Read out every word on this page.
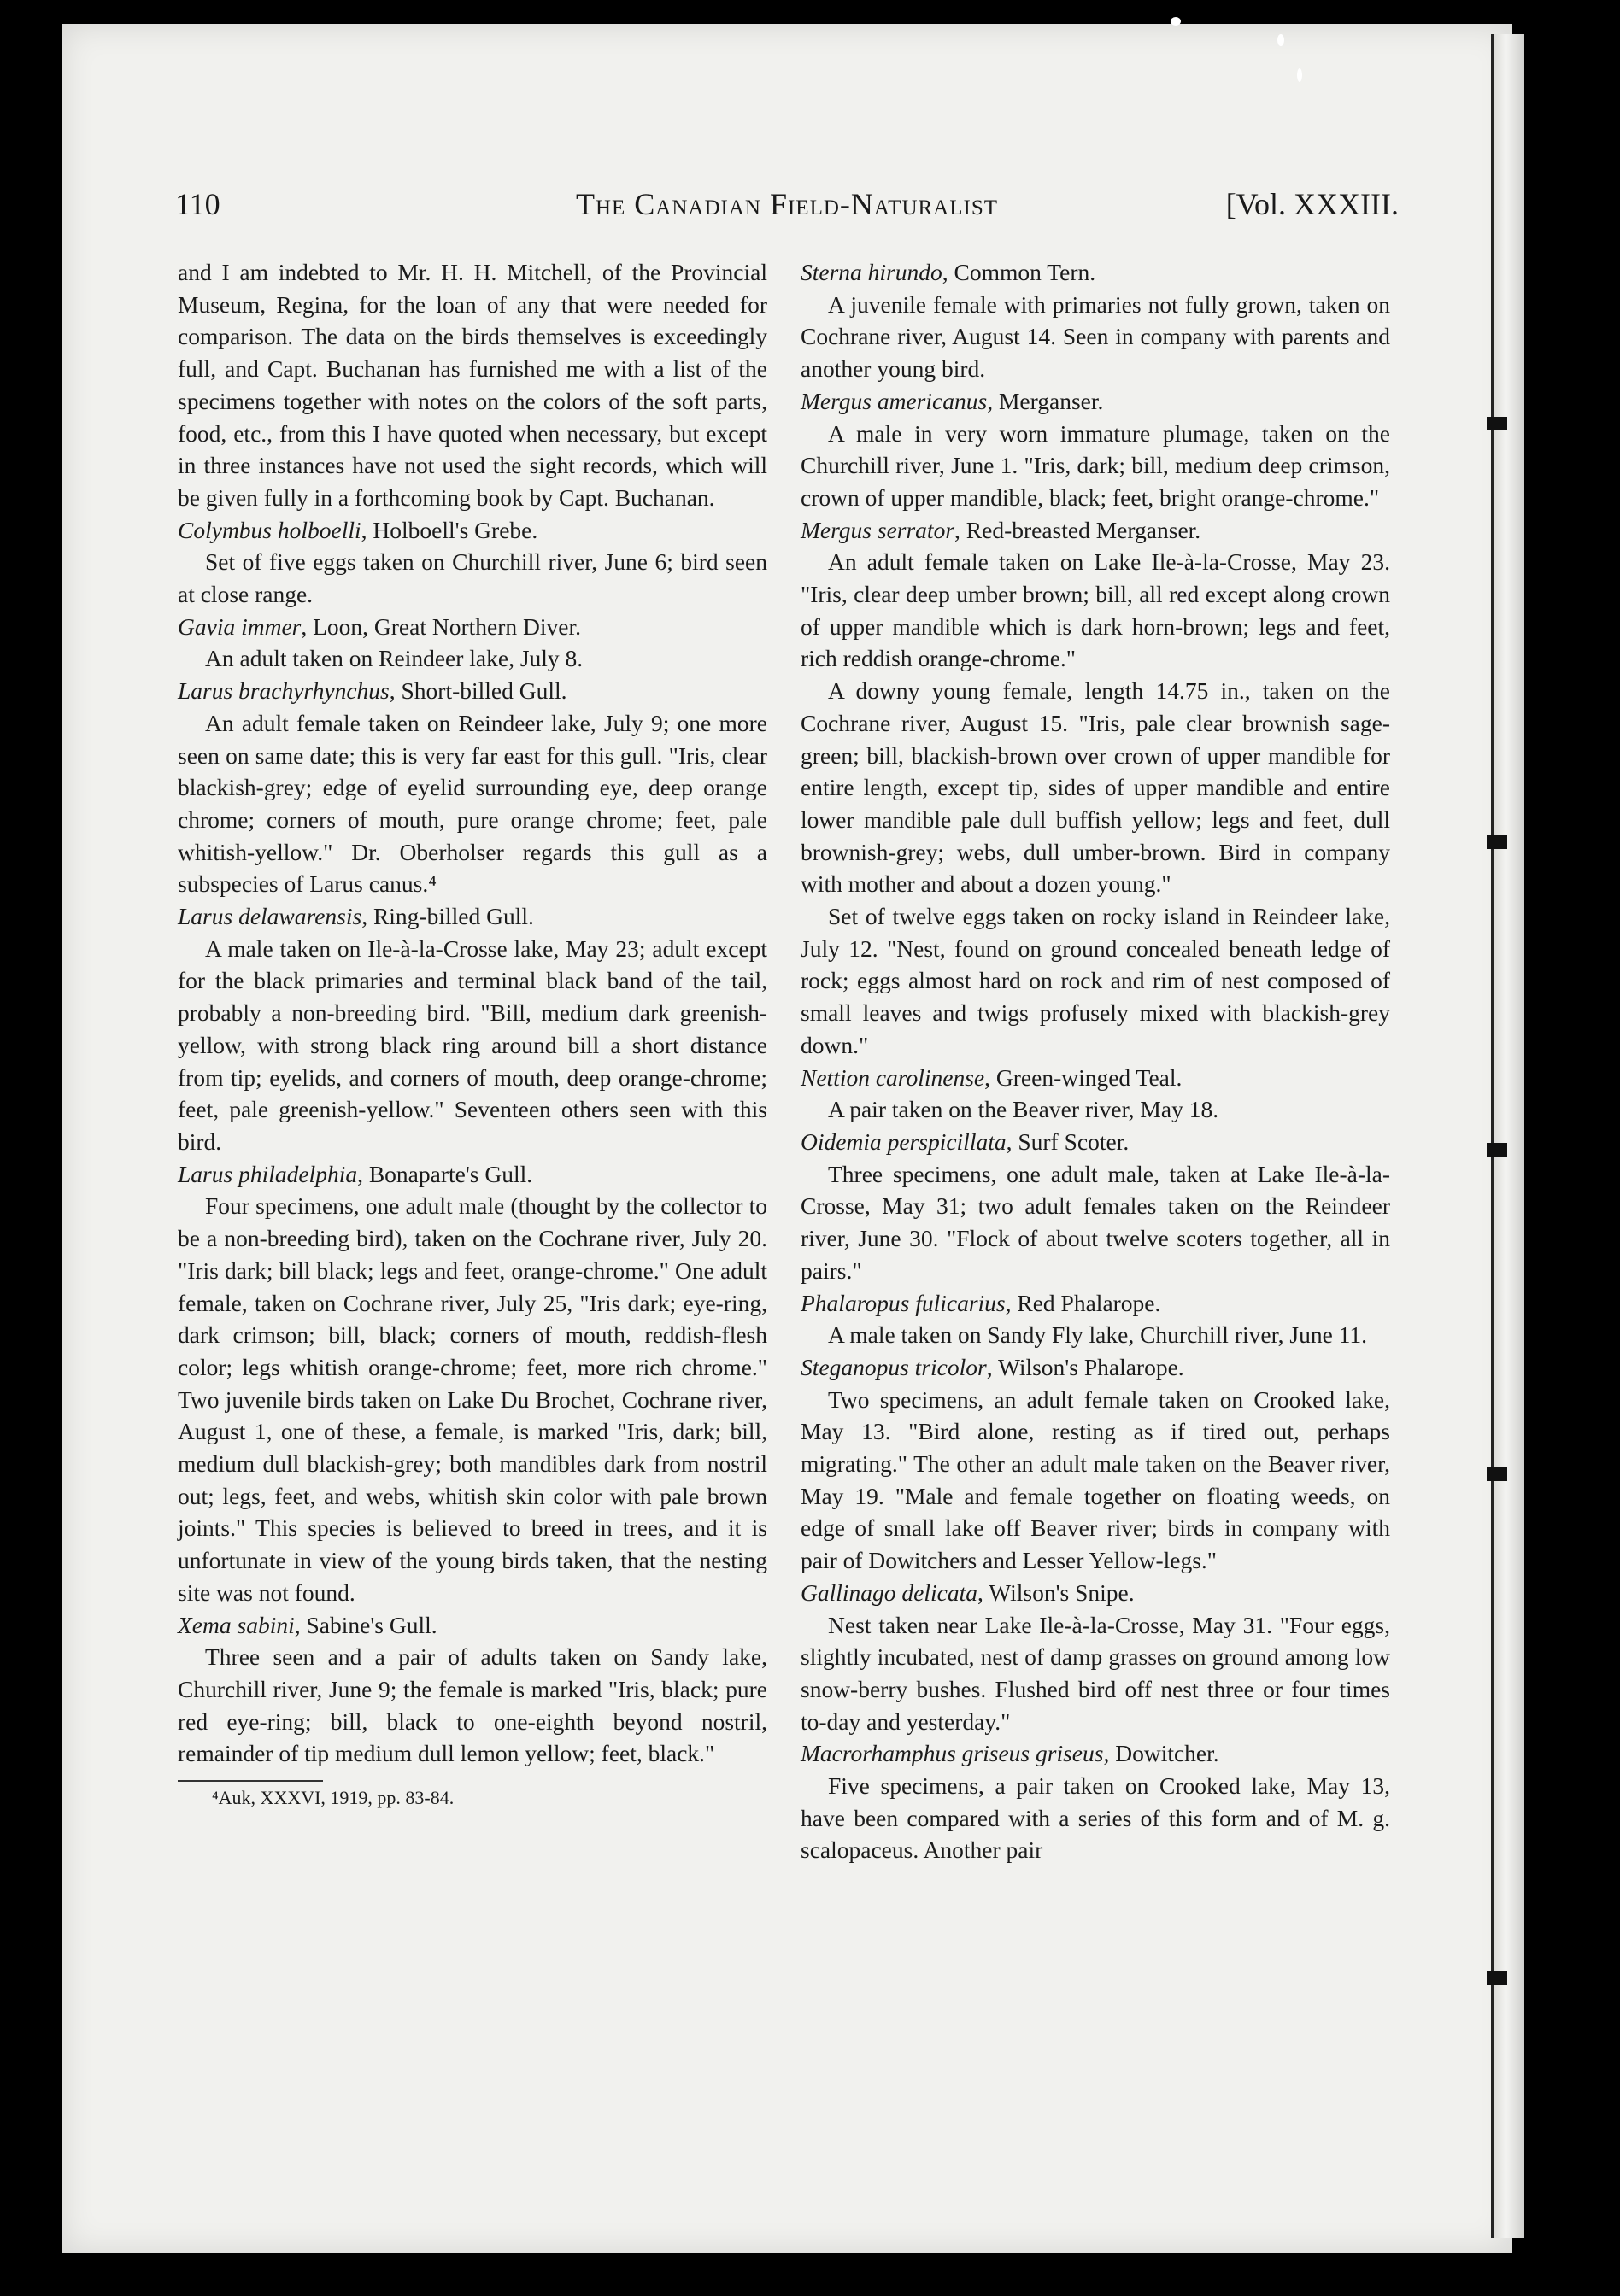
110	The Canadian Field-Naturalist	[Vol. XXXIII.

and I am indebted to Mr. H. H. Mitchell, of the Provincial Museum, Regina, for the loan of any that were needed for comparison. The data on the birds themselves is exceedingly full, and Capt. Buchanan has furnished me with a list of the specimens together with notes on the colors of the soft parts, food, etc., from this I have quoted when necessary, but except in three instances have not used the sight records, which will be given fully in a forthcoming book by Capt. Buchanan.

Colymbus holboelli, Holboell's Grebe.

Set of five eggs taken on Churchill river, June 6; bird seen at close range.

Gavia immer, Loon, Great Northern Diver.

An adult taken on Reindeer lake, July 8.

Larus brachyrhynchus, Short-billed Gull.

An adult female taken on Reindeer lake, July 9; one more seen on same date; this is very far east for this gull. "Iris, clear blackish-grey; edge of eyelid surrounding eye, deep orange chrome; corners of mouth, pure orange chrome; feet, pale whitish-yellow." Dr. Oberholser regards this gull as a subspecies of Larus canus.⁴

Larus delawarensis, Ring-billed Gull.

A male taken on Ile-à-la-Crosse lake, May 23; adult except for the black primaries and terminal black band of the tail, probably a non-breeding bird. "Bill, medium dark greenish-yellow, with strong black ring around bill a short distance from tip; eyelids, and corners of mouth, deep orange-chrome; feet, pale greenish-yellow." Seventeen others seen with this bird.

Larus philadelphia, Bonaparte's Gull.

Four specimens, one adult male (thought by the collector to be a non-breeding bird), taken on the Cochrane river, July 20. "Iris dark; bill black; legs and feet, orange-chrome." One adult female, taken on Cochrane river, July 25, "Iris dark; eye-ring, dark crimson; bill, black; corners of mouth, reddish-flesh color; legs whitish orange-chrome; feet, more rich chrome." Two juvenile birds taken on Lake Du Brochet, Cochrane river, August 1, one of these, a female, is marked "Iris, dark; bill, medium dull blackish-grey; both mandibles dark from nostril out; legs, feet, and webs, whitish skin color with pale brown joints." This species is believed to breed in trees, and it is unfortunate in view of the young birds taken, that the nesting site was not found.

Xema sabini, Sabine's Gull.

Three seen and a pair of adults taken on Sandy lake, Churchill river, June 9; the female is marked "Iris, black; pure red eye-ring; bill, black to one-eighth beyond nostril, remainder of tip medium dull lemon yellow; feet, black."

⁴Auk, XXXVI, 1919, pp. 83-84.

Sterna hirundo, Common Tern.

A juvenile female with primaries not fully grown, taken on Cochrane river, August 14. Seen in company with parents and another young bird.

Mergus americanus, Merganser.

A male in very worn immature plumage, taken on the Churchill river, June 1. "Iris, dark; bill, medium deep crimson, crown of upper mandible, black; feet, bright orange-chrome."

Mergus serrator, Red-breasted Merganser.

An adult female taken on Lake Ile-à-la-Crosse, May 23. "Iris, clear deep umber brown; bill, all red except along crown of upper mandible which is dark horn-brown; legs and feet, rich reddish orange-chrome."

A downy young female, length 14.75 in., taken on the Cochrane river, August 15. "Iris, pale clear brownish sage-green; bill, blackish-brown over crown of upper mandible for entire length, except tip, sides of upper mandible and entire lower mandible pale dull buffish yellow; legs and feet, dull brownish-grey; webs, dull umber-brown. Bird in company with mother and about a dozen young."

Set of twelve eggs taken on rocky island in Reindeer lake, July 12. "Nest, found on ground concealed beneath ledge of rock; eggs almost hard on rock and rim of nest composed of small leaves and twigs profusely mixed with blackish-grey down."

Nettion carolinense, Green-winged Teal.

A pair taken on the Beaver river, May 18.

Oidemia perspicillata, Surf Scoter.

Three specimens, one adult male, taken at Lake Ile-à-la-Crosse, May 31; two adult females taken on the Reindeer river, June 30. "Flock of about twelve scoters together, all in pairs."

Phalaropus fulicarius, Red Phalarope.

A male taken on Sandy Fly lake, Churchill river, June 11.

Steganopus tricolor, Wilson's Phalarope.

Two specimens, an adult female taken on Crooked lake, May 13. "Bird alone, resting as if tired out, perhaps migrating." The other an adult male taken on the Beaver river, May 19. "Male and female together on floating weeds, on edge of small lake off Beaver river; birds in company with pair of Dowitchers and Lesser Yellow-legs."

Gallinago delicata, Wilson's Snipe.

Nest taken near Lake Ile-à-la-Crosse, May 31. "Four eggs, slightly incubated, nest of damp grasses on ground among low snow-berry bushes. Flushed bird off nest three or four times to-day and yesterday."

Macrorhamphus griseus griseus, Dowitcher.

Five specimens, a pair taken on Crooked lake, May 13, have been compared with a series of this form and of M. g. scalopaceus. Another pair
